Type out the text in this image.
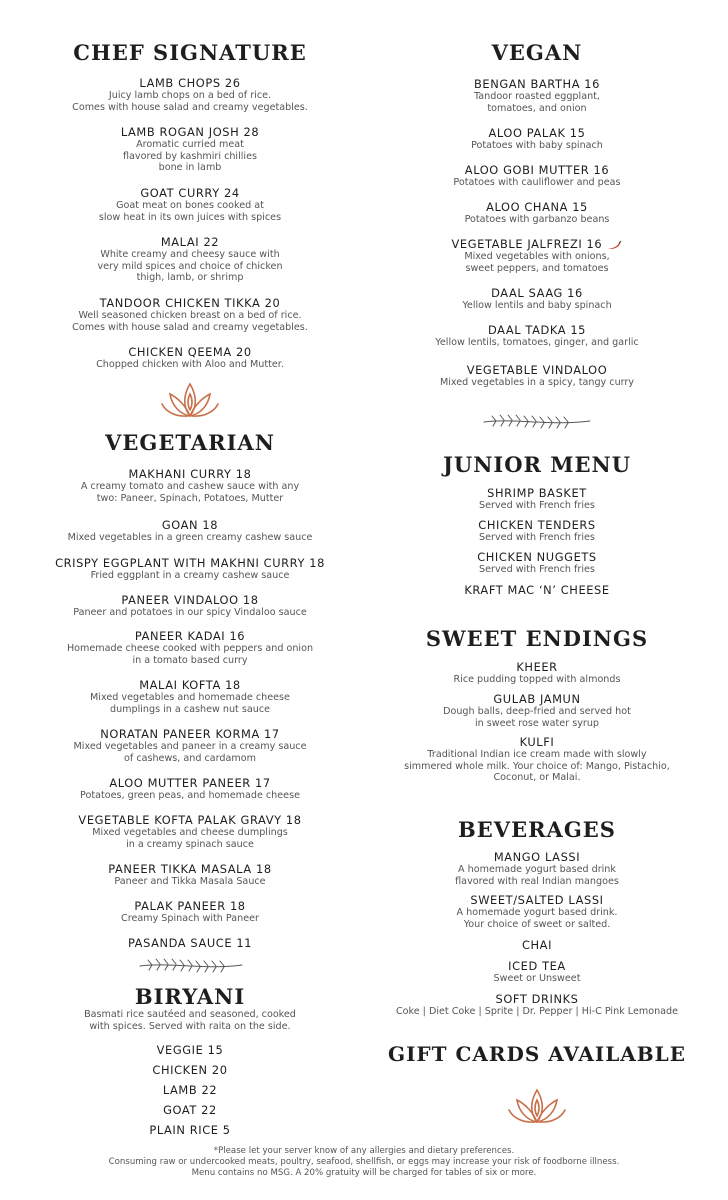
CHEF SIGNATURE
LAMB CHOPS 26
Juicy lamb chops on a bed of rice.
Comes with house salad and creamy vegetables.
LAMB ROGAN JOSH 28
Aromatic curried meat
flavored by kashmiri chillies
bone in lamb
GOAT CURRY 24
Goat meat on bones cooked at
slow heat in its own juices with spices
MALAI 22
White creamy and cheesy sauce with
very mild spices and choice of chicken
thigh, lamb, or shrimp
TANDOOR CHICKEN TIKKA 20
Well seasoned chicken breast on a bed of rice.
Comes with house salad and creamy vegetables.
CHICKEN QEEMA 20
Chopped chicken with Aloo and Mutter.
VEGETARIAN
MAKHANI CURRY 18
A creamy tomato and cashew sauce with any
two: Paneer, Spinach, Potatoes, Mutter
GOAN 18
Mixed vegetables in a green creamy cashew sauce
CRISPY EGGPLANT WITH MAKHNI CURRY 18
Fried eggplant in a creamy cashew sauce
PANEER VINDALOO 18
Paneer and potatoes in our spicy Vindaloo sauce
PANEER KADAI 16
Homemade cheese cooked with peppers and onion
in a tomato based curry
MALAI KOFTA 18
Mixed vegetables and homemade cheese
dumplings in a cashew nut sauce
NORATAN PANEER KORMA 17
Mixed vegetables and paneer in a creamy sauce
of cashews, and cardamom
ALOO MUTTER PANEER 17
Potatoes, green peas, and homemade cheese
VEGETABLE KOFTA PALAK GRAVY 18
Mixed vegetables and cheese dumplings
in a creamy spinach sauce
PANEER TIKKA MASALA 18
Paneer and Tikka Masala Sauce
PALAK PANEER 18
Creamy Spinach with Paneer
PASANDA SAUCE 11
BIRYANI
Basmati rice sautéed and seasoned, cooked
with spices. Served with raita on the side.
VEGGIE 15
CHICKEN 20
LAMB 22
GOAT 22
PLAIN RICE 5
VEGAN
BENGAN BARTHA 16
Tandoor roasted eggplant,
tomatoes, and onion
ALOO PALAK 15
Potatoes with baby spinach
ALOO GOBI MUTTER 16
Potatoes with cauliflower and peas
ALOO CHANA 15
Potatoes with garbanzo beans
VEGETABLE JALFREZI 16
Mixed vegetables with onions,
sweet peppers, and tomatoes
DAAL SAAG 16
Yellow lentils and baby spinach
DAAL TADKA 15
Yellow lentils, tomatoes, ginger, and garlic
VEGETABLE VINDALOO
Mixed vegetables in a spicy, tangy curry
JUNIOR MENU
SHRIMP BASKET
Served with French fries
CHICKEN TENDERS
Served with French fries
CHICKEN NUGGETS
Served with French fries
KRAFT MAC ‘N’ CHEESE
SWEET ENDINGS
KHEER
Rice pudding topped with almonds
GULAB JAMUN
Dough balls, deep-fried and served hot
in sweet rose water syrup
KULFI
Traditional Indian ice cream made with slowly
simmered whole milk. Your choice of: Mango, Pistachio,
Coconut, or Malai.
BEVERAGES
MANGO LASSI
A homemade yogurt based drink
flavored with real Indian mangoes
SWEET/SALTED LASSI
A homemade yogurt based drink.
Your choice of sweet or salted.
CHAI
ICED TEA
Sweet or Unsweet
SOFT DRINKS
Coke | Diet Coke | Sprite | Dr. Pepper | Hi-C Pink Lemonade
GIFT CARDS AVAILABLE
*Please let your server know of any allergies and dietary preferences.
Consuming raw or undercooked meats, poultry, seafood, shellfish, or eggs may increase your risk of foodborne illness.
Menu contains no MSG. A 20% gratuity will be charged for tables of six or more.
